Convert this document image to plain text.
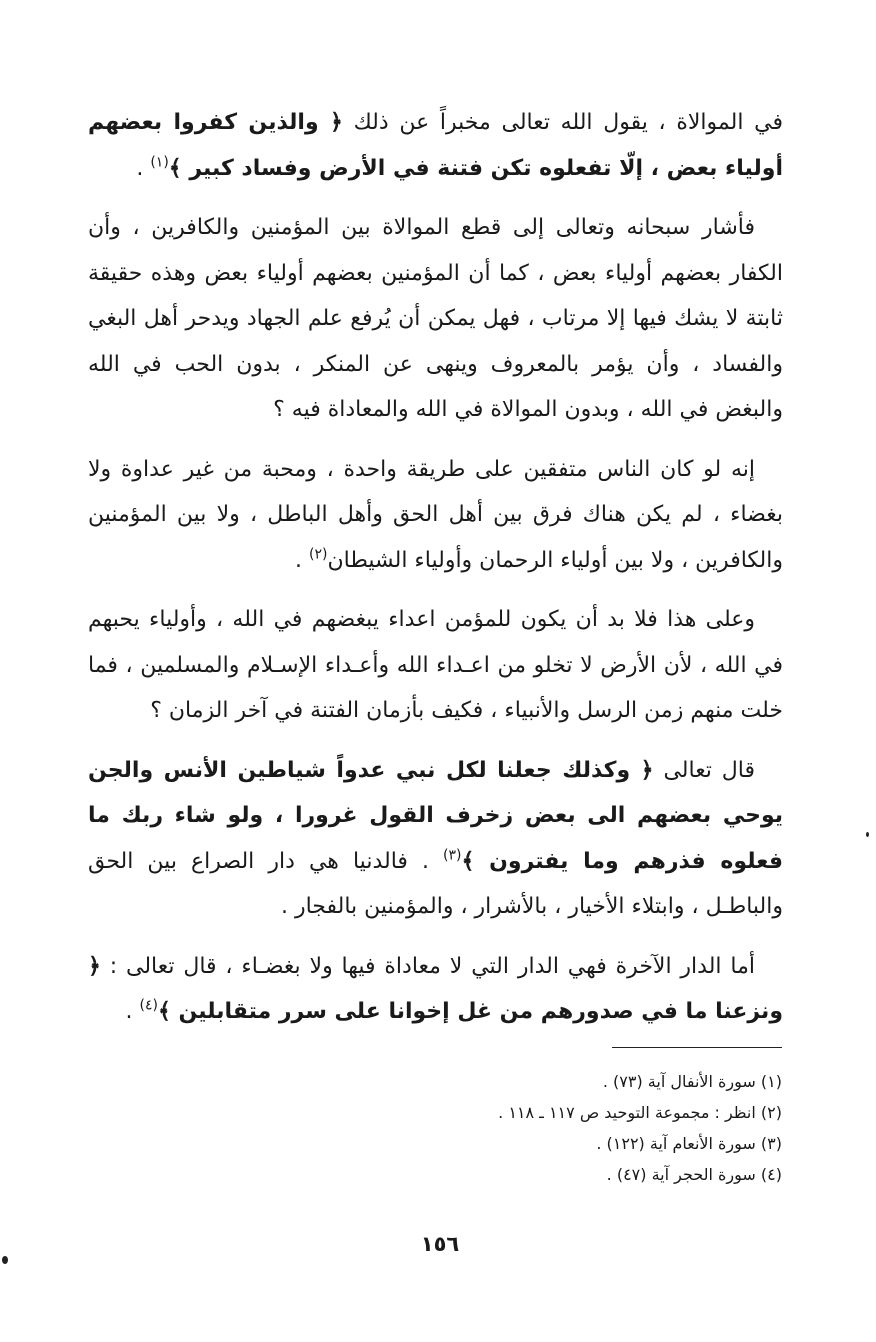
في الموالاة ، يقول الله تعالى مخبراً عن ذلك ﴿ والذين كفروا بعضهم أولياء بعض ، إلّا تفعلوه تكن فتنة في الأرض وفساد كبير ﴾$^{(١)}$ .

فأشار سبحانه وتعالى إلى قطع الموالاة بين المؤمنين والكافرين ، وأن الكفار بعضهم أولياء بعض ، كما أن المؤمنين بعضهم أولياء بعض وهذه حقيقة ثابتة لا يشك فيها إلا مرتاب ، فهل يمكن أن يُرفع علم الجهاد ويدحر أهل البغي والفساد ، وأن يؤمر بالمعروف وينهى عن المنكر ، بدون الحب في الله والبغض في الله ، وبدون الموالاة في الله والمعاداة فيه ؟

إنه لو كان الناس متفقين على طريقة واحدة ، ومحبة من غير عداوة ولا بغضاء ، لم يكن هناك فرق بين أهل الحق وأهل الباطل ، ولا بين المؤمنين والكافرين ، ولا بين أولياء الرحمان وأولياء الشيطان$^{(٢)}$ .

وعلى هذا فلا بد أن يكون للمؤمن اعداء يبغضهم في الله ، وأولياء يحبهم في الله ، لأن الأرض لا تخلو من اعـداء الله وأعـداء الإسـلام والمسلمين ، فما خلت منهم زمن الرسل والأنبياء ، فكيف بأزمان الفتنة في آخر الزمان ؟

قال تعالى ﴿ وكذلك جعلنا لكل نبي عدواً شياطين الأنس والجن يوحي بعضهم الى بعض زخرف القول غرورا ، ولو شاء ربك ما فعلوه فذرهم وما يفترون ﴾$^{(٣)}$ . فالدنيا هي دار الصراع بين الحق والباطـل ، وابتلاء الأخيار ، بالأشرار ، والمؤمنين بالفجار .

أما الدار الآخرة فهي الدار التي لا معاداة فيها ولا بغضـاء ، قال تعالى : ﴿ ونزعنا ما في صدورهم من غل إخوانا على سرر متقابلين ﴾$^{(٤)}$ .

(١) سورة الأنفال آية (٧٣) .

(٢) انظر : مجموعة التوحيد ص ١١٧ ـ ١١٨ .

(٣) سورة الأنعام آية (١٢٢) .

(٤) سورة الحجر آية (٤٧) .

١٥٦
